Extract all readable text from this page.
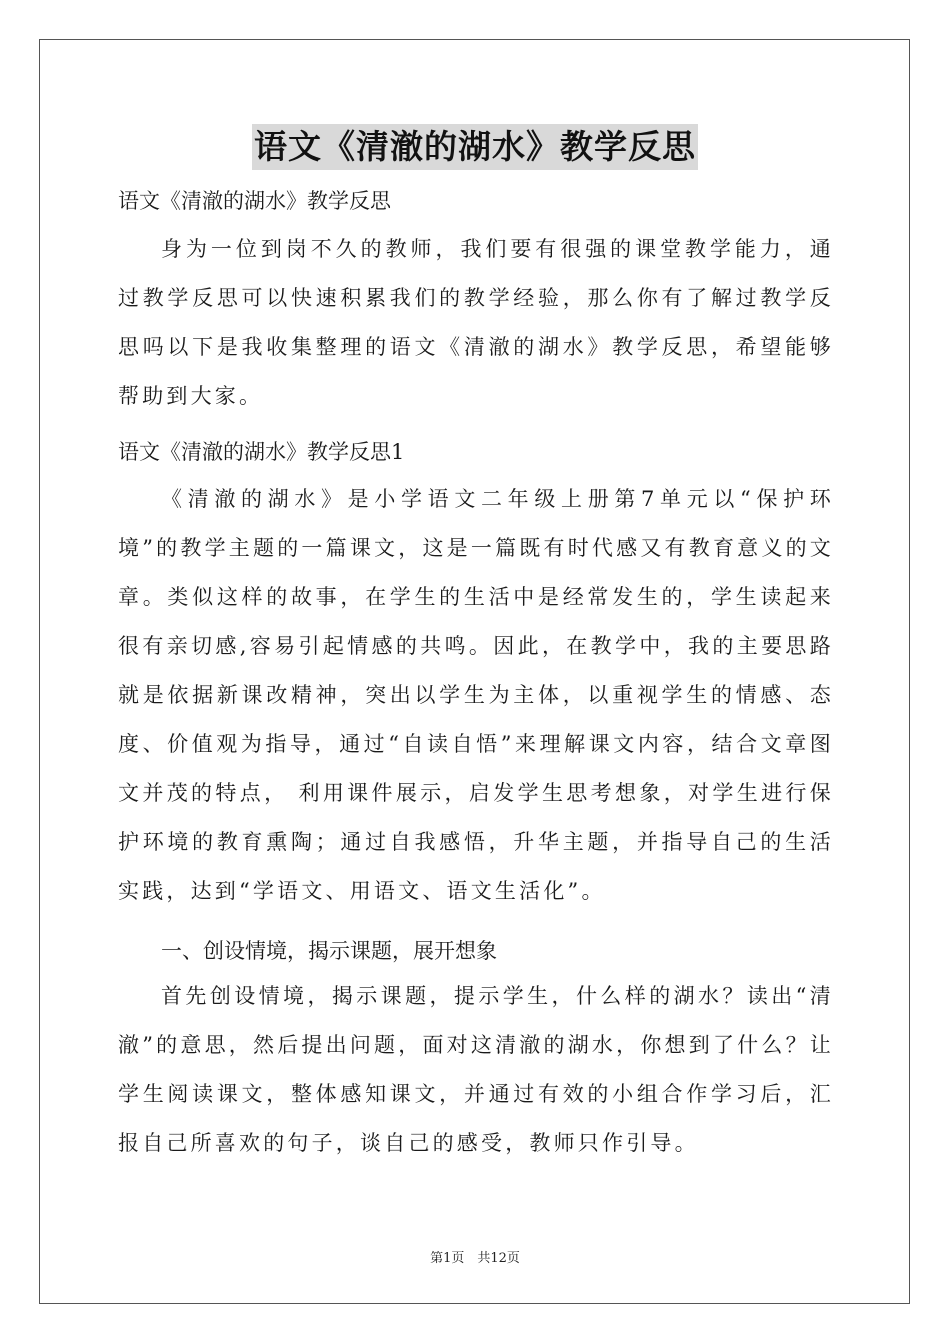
语文《清澈的湖水》教学反思
语文《清澈的湖水》教学反思
身为一位到岗不久的教师，我们要有很强的课堂教学能力，通过教学反思可以快速积累我们的教学经验，那么你有了解过教学反思吗以下是我收集整理的语文《清澈的湖水》教学反思，希望能够帮助到大家。
语文《清澈的湖水》教学反思1
《清澈的湖水》是小学语文二年级上册第7单元以“保护环境”的教学主题的一篇课文，这是一篇既有时代感又有教育意义的文章。类似这样的故事，在学生的生活中是经常发生的，学生读起来很有亲切感,容易引起情感的共鸣。因此，在教学中，我的主要思路就是依据新课改精神，突出以学生为主体，以重视学生的情感、态度、价值观为指导，通过“自读自悟”来理解课文内容，结合文章图文并茂的特点， 利用课件展示，启发学生思考想象，对学生进行保护环境的教育熏陶；通过自我感悟，升华主题，并指导自己的生活实践，达到“学语文、用语文、语文生活化”。
一、创设情境，揭示课题，展开想象
首先创设情境，揭示课题，提示学生，什么样的湖水？读出“清澈”的意思，然后提出问题，面对这清澈的湖水，你想到了什么？让学生阅读课文，整体感知课文，并通过有效的小组合作学习后，汇报自己所喜欢的句子，谈自己的感受，教师只作引导。
第1页　共12页
